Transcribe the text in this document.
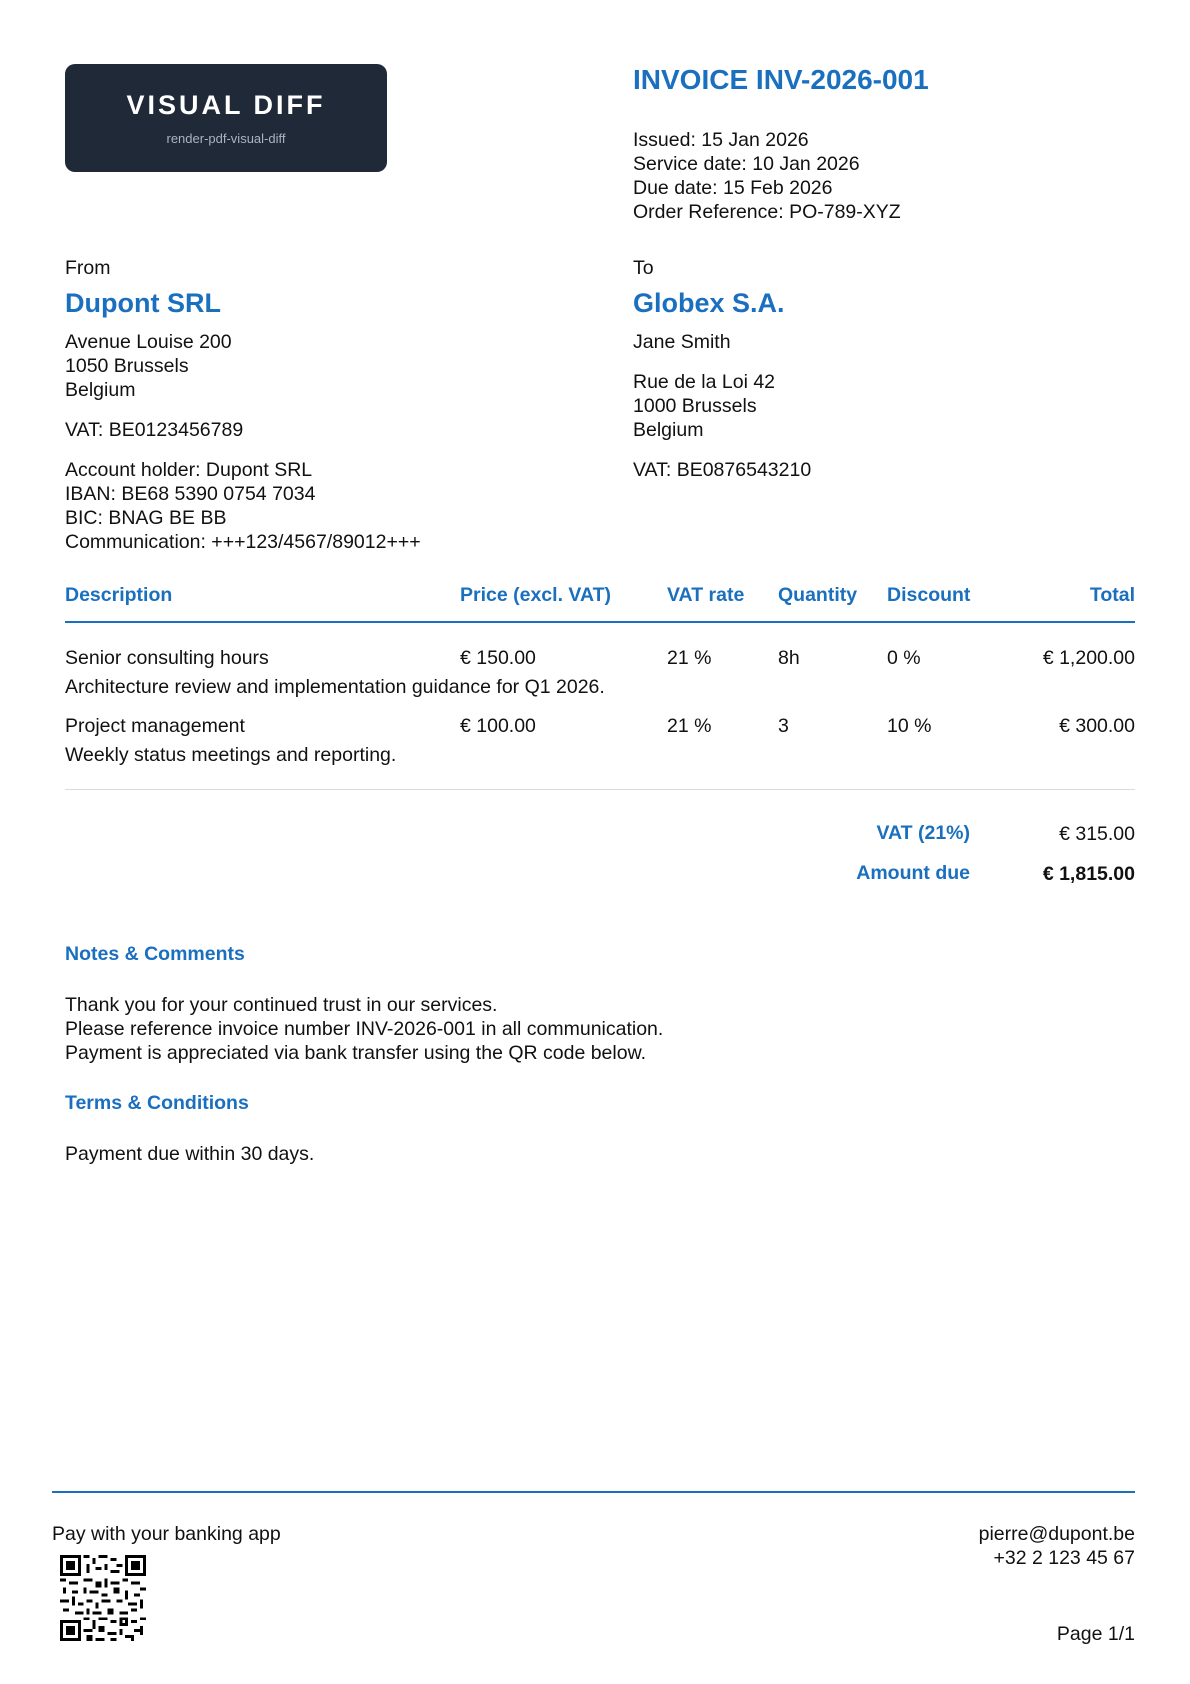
VISUAL DIFF
render-pdf-visual-diff
INVOICE INV-2026-001
Issued: 15 Jan 2026
Service date: 10 Jan 2026
Due date: 15 Feb 2026
Order Reference: PO-789-XYZ
From
Dupont SRL
Avenue Louise 200
1050 Brussels
Belgium
VAT: BE0123456789
Account holder: Dupont SRL
IBAN: BE68 5390 0754 7034
BIC: BNAG BE BB
Communication: +++123/4567/89012+++
To
Globex S.A.
Jane Smith
Rue de la Loi 42
1000 Brussels
Belgium
VAT: BE0876543210
Description	Price (excl. VAT)	VAT rate	Quantity	Discount	Total
Senior consulting hours	€ 150.00	21 %	8h	0 %	€ 1,200.00
Architecture review and implementation guidance for Q1 2026.					
Project management	€ 100.00	21 %	3	10 %	€ 300.00
Weekly status meetings and reporting.					
VAT (21%)	€ 315.00
Amount due	€ 1,815.00
Notes & Comments
Thank you for your continued trust in our services.
Please reference invoice number INV-2026-001 in all communication.
Payment is appreciated via bank transfer using the QR code below.
Terms & Conditions
Payment due within 30 days.
Pay with your banking app	pierre@dupont.be
+32 2 123 45 67
Page 1/1
